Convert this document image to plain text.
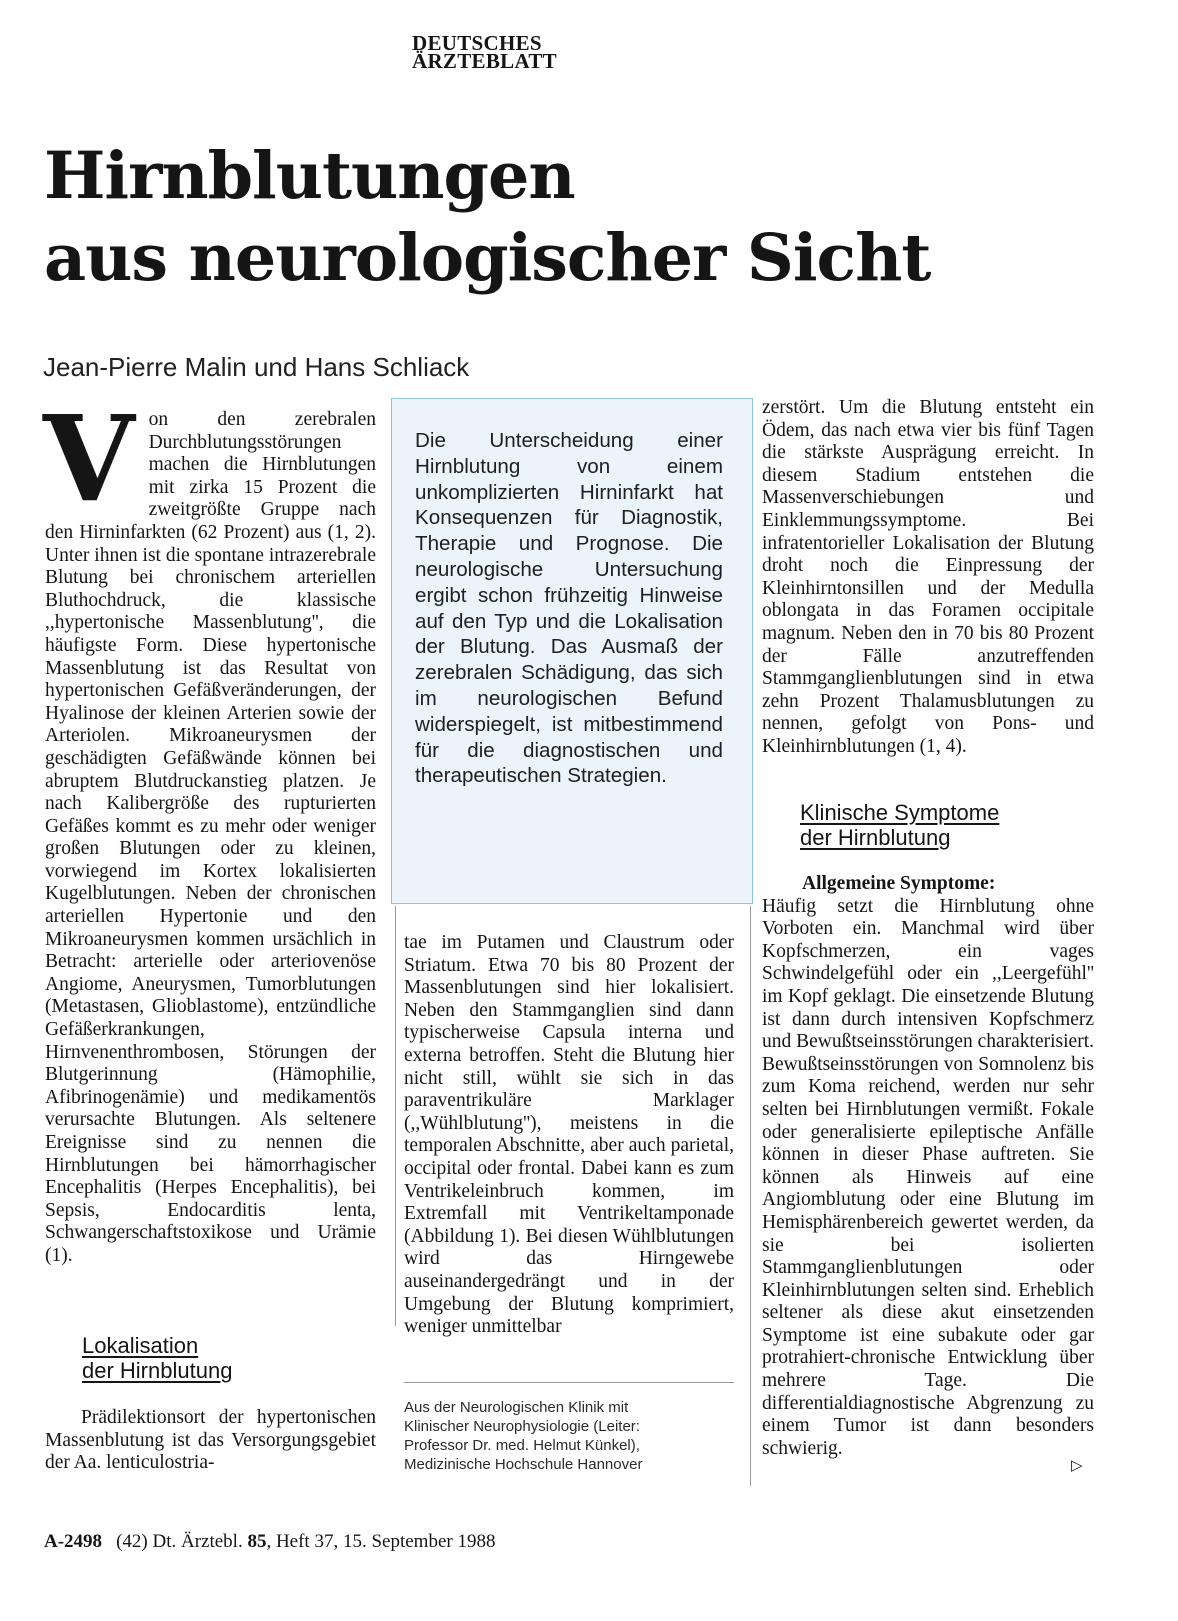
DEUTSCHES
ÄRZTEBLATT
Hirnblutungen
aus neurologischer Sicht
Jean-Pierre Malin und Hans Schliack
V on den zerebralen Durchblutungsstörungen machen die Hirnblutungen mit zirka 15 Prozent die zweitgrößte Gruppe nach den Hirninfarkten (62 Prozent) aus (1, 2). Unter ihnen ist die spontane intrazerebrale Blutung bei chronischem arteriellen Bluthochdruck, die klassische ,,hypertonische Massenblutung'', die häufigste Form. Diese hypertonische Massenblutung ist das Resultat von hypertonischen Gefäßveränderungen, der Hyalinose der kleinen Arterien sowie der Arteriolen. Mikroaneurysmen der geschädigten Gefäßwände können bei abruptem Blutdruckanstieg platzen. Je nach Kalibergröße des rupturierten Gefäßes kommt es zu mehr oder weniger großen Blutungen oder zu kleinen, vorwiegend im Kortex lokalisierten Kugelblutungen. Neben der chronischen arteriellen Hypertonie und den Mikroaneurysmen kommen ursächlich in Betracht: arterielle oder arteriovenöse Angiome, Aneurysmen, Tumorblutungen (Metastasen, Glioblastome), entzündliche Gefäßerkrankungen, Hirnvenenthrombosen, Störungen der Blutgerinnung (Hämophilie, Afibrinogenämie) und medikamentös verursachte Blutungen. Als seltenere Ereignisse sind zu nennen die Hirnblutungen bei hämorrhagischer Encephalitis (Herpes Encephalitis), bei Sepsis, Endocarditis lenta, Schwangerschaftstoxikose und Urämie (1).
Lokalisation
der Hirnblutung
Prädilektionsort der hypertonischen Massenblutung ist das Versorgungsgebiet der Aa. lenticulostria-
Die Unterscheidung einer Hirnblutung von einem unkomplizierten Hirninfarkt hat Konsequenzen für Diagnostik, Therapie und Prognose. Die neurologische Untersuchung ergibt schon frühzeitig Hinweise auf den Typ und die Lokalisation der Blutung. Das Ausmaß der zerebralen Schädigung, das sich im neurologischen Befund widerspiegelt, ist mitbestimmend für die diagnostischen und therapeutischen Strategien.
tae im Putamen und Claustrum oder Striatum. Etwa 70 bis 80 Prozent der Massenblutungen sind hier lokalisiert. Neben den Stammganglien sind dann typischerweise Capsula interna und externa betroffen. Steht die Blutung hier nicht still, wühlt sie sich in das paraventrikuläre Marklager (,,Wühlblutung''), meistens in die temporalen Abschnitte, aber auch parietal, occipital oder frontal. Dabei kann es zum Ventrikeleinbruch kommen, im Extremfall mit Ventrikeltamponade (Abbildung 1). Bei diesen Wühlblutungen wird das Hirngewebe auseinandergedrängt und in der Umgebung der Blutung komprimiert, weniger unmittelbar
Aus der Neurologischen Klinik mit
Klinischer Neurophysiologie (Leiter:
Professor Dr. med. Helmut Künkel),
Medizinische Hochschule Hannover
zerstört. Um die Blutung entsteht ein Ödem, das nach etwa vier bis fünf Tagen die stärkste Ausprägung erreicht. In diesem Stadium entstehen die Massenverschiebungen und Einklemmungssymptome. Bei infratentorieller Lokalisation der Blutung droht noch die Einpressung der Kleinhirntonsillen und der Medulla oblongata in das Foramen occipitale magnum. Neben den in 70 bis 80 Prozent der Fälle anzutreffenden Stammganglienblutungen sind in etwa zehn Prozent Thalamusblutungen zu nennen, gefolgt von Pons- und Kleinhirnblutungen (1, 4).
Klinische Symptome
der Hirnblutung
Allgemeine Symptome:

Häufig setzt die Hirnblutung ohne Vorboten ein. Manchmal wird über Kopfschmerzen, ein vages Schwindelgefühl oder ein ,,Leergefühl'' im Kopf geklagt. Die einsetzende Blutung ist dann durch intensiven Kopfschmerz und Bewußtseinsstörungen charakterisiert. Bewußtseinsstörungen von Somnolenz bis zum Koma reichend, werden nur sehr selten bei Hirnblutungen vermißt. Fokale oder generalisierte epileptische Anfälle können in dieser Phase auftreten. Sie können als Hinweis auf eine Angiomblutung oder eine Blutung im Hemisphärenbereich gewertet werden, da sie bei isolierten Stammganglienblutungen oder Kleinhirnblutungen selten sind. Erheblich seltener als diese akut einsetzenden Symptome ist eine subakute oder gar protrahiert-chronische Entwicklung über mehrere Tage. Die differentialdiagnostische Abgrenzung zu einem Tumor ist dann besonders schwierig.

▷
A-2498 (42) Dt. Ärztebl. 85, Heft 37, 15. September 1988
